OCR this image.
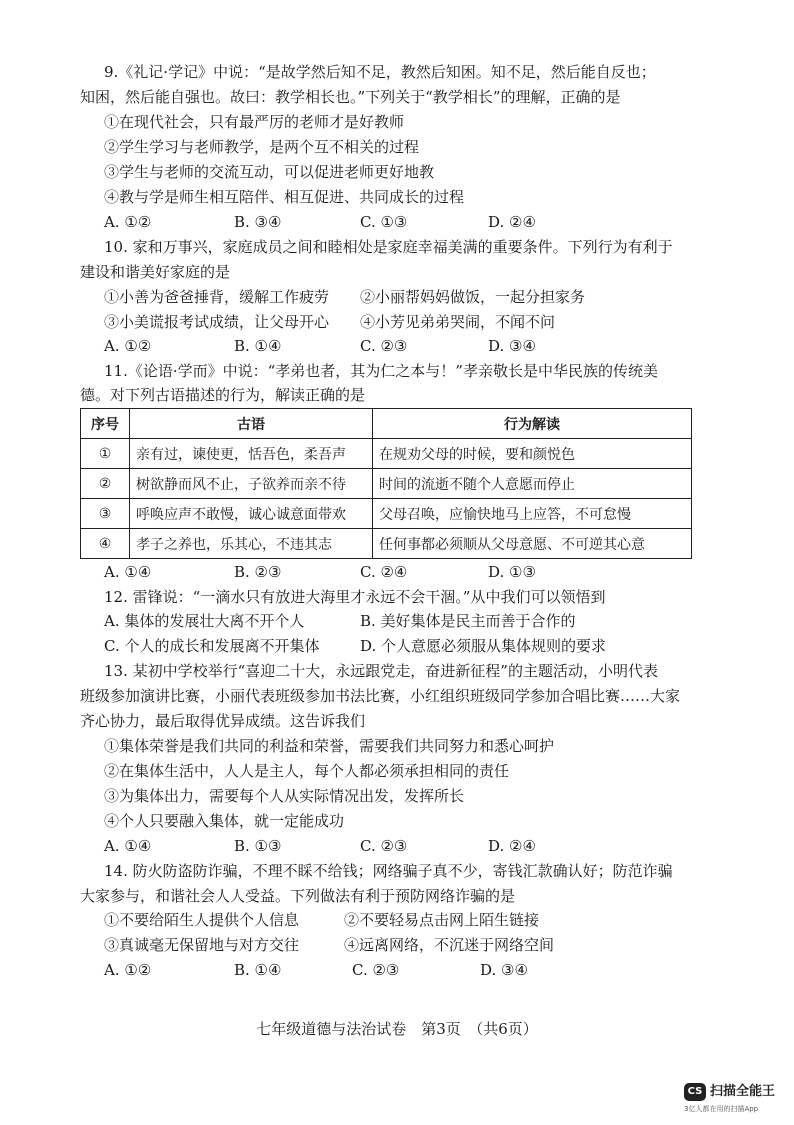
9.《礼记·学记》中说：“是故学然后知不足，教然后知困。知不足，然后能自反也；
知困，然后能自强也。故曰：教学相长也。”下列关于“教学相长”的理解，正确的是
①在现代社会，只有最严厉的老师才是好教师
②学生学习与老师教学，是两个互不相关的过程
③学生与老师的交流互动，可以促进老师更好地教
④教与学是师生相互陪伴、相互促进、共同成长的过程
A. ①②	B. ③④	C. ①③	D. ②④
10. 家和万事兴，家庭成员之间和睦相处是家庭幸福美满的重要条件。下列行为有利于
建设和谐美好家庭的是
①小善为爸爸捶背，缓解工作疲劳 ②小丽帮妈妈做饭，一起分担家务
③小美谎报考试成绩，让父母开心 ④小芳见弟弟哭闹，不闻不问
A. ①②	B. ①④	C. ②③	D. ③④
11.《论语·学而》中说：“孝弟也者，其为仁之本与！”孝亲敬长是中华民族的传统美
德。对下列古语描述的行为，解读正确的是
序号	古语	行为解读
①	亲有过，谏使更，恬吾色，柔吾声	在规劝父母的时候，要和颜悦色
②	树欲静而风不止，子欲养而亲不待	时间的流逝不随个人意愿而停止
③	呼唤应声不敢慢，诚心诚意面带欢	父母召唤，应愉快地马上应答，不可怠慢
④	孝子之养也，乐其心，不违其志	任何事都必须顺从父母意愿、不可逆其心意
A. ①④	B. ②③	C. ②④	D. ①③
12. 雷锋说：“一滴水只有放进大海里才永远不会干涸。”从中我们可以领悟到
A. 集体的发展壮大离不开个人	B. 美好集体是民主而善于合作的
C. 个人的成长和发展离不开集体	D. 个人意愿必须服从集体规则的要求
13. 某初中学校举行“喜迎二十大，永远跟党走，奋进新征程”的主题活动，小明代表
班级参加演讲比赛，小丽代表班级参加书法比赛，小红组织班级同学参加合唱比赛……大家
齐心协力，最后取得优异成绩。这告诉我们
①集体荣誉是我们共同的利益和荣誉，需要我们共同努力和悉心呵护
②在集体生活中，人人是主人，每个人都必须承担相同的责任
③为集体出力，需要每个人从实际情况出发，发挥所长
④个人只要融入集体，就一定能成功
A. ①④	B. ①③	C. ②③	D. ②④
14. 防火防盗防诈骗，不理不睬不给钱；网络骗子真不少，寄钱汇款确认好；防范诈骗
大家参与，和谐社会人人受益。下列做法有利于预防网络诈骗的是
①不要给陌生人提供个人信息	②不要轻易点击网上陌生链接
③真诚毫无保留地与对方交往	④远离网络，不沉迷于网络空间
A. ①②	B. ①④	C. ②③	D. ③④
七年级道德与法治试卷　第3页　（共6页）
CS 扫描全能王
3亿人都在用的扫描App
